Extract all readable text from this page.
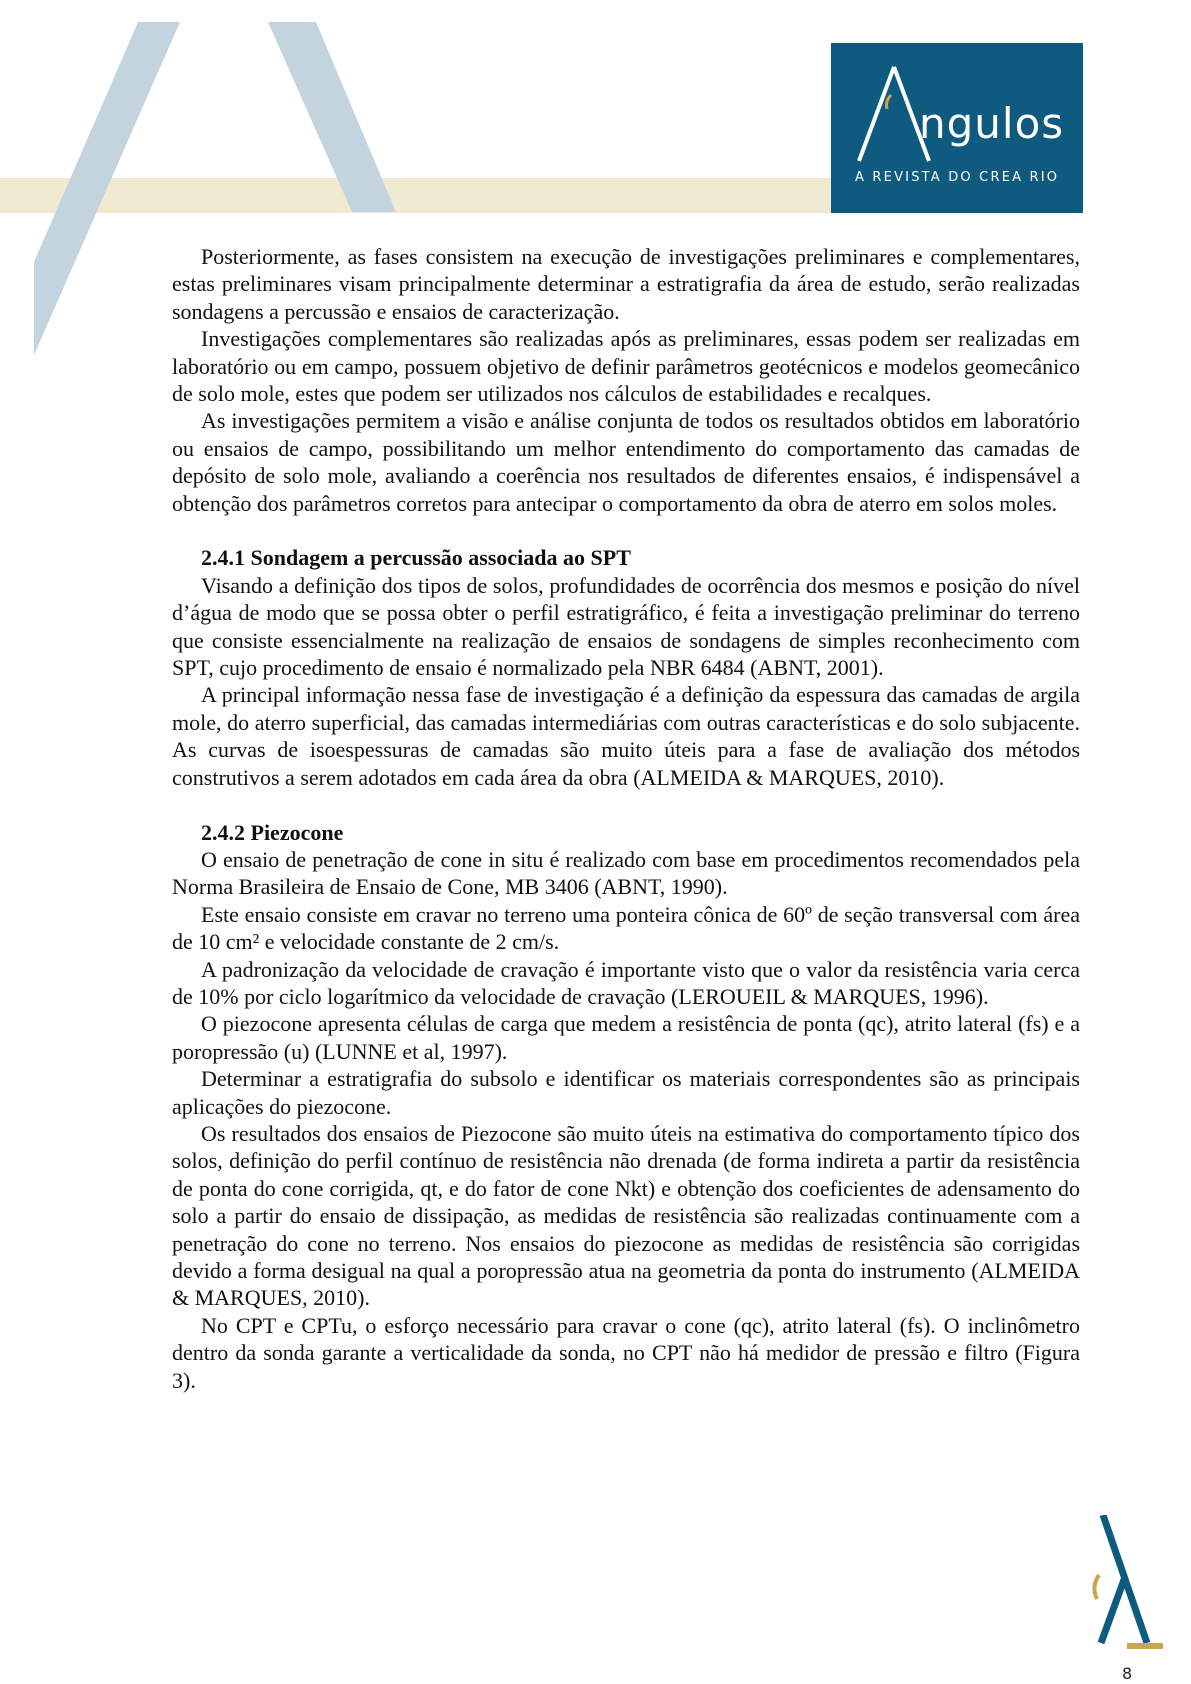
ngulos
A REVISTA DO CREA RIO

Posteriormente, as fases consistem na execução de investigações preliminares e complementares, estas preliminares visam principalmente determinar a estratigrafia da área de estudo, serão realizadas sondagens a percussão e ensaios de caracterização.

Investigações complementares são realizadas após as preliminares, essas podem ser realizadas em laboratório ou em campo, possuem objetivo de definir parâmetros geotécnicos e modelos geomecânico de solo mole, estes que podem ser utilizados nos cálculos de estabilidades e recalques.

As investigações permitem a visão e análise conjunta de todos os resultados obtidos em laboratório ou ensaios de campo, possibilitando um melhor entendimento do comportamento das camadas de depósito de solo mole, avaliando a coerência nos resultados de diferentes ensaios, é indispensável a obtenção dos parâmetros corretos para antecipar o comportamento da obra de aterro em solos moles.

2.4.1 Sondagem a percussão associada ao SPT

Visando a definição dos tipos de solos, profundidades de ocorrência dos mesmos e posição do nível d’água de modo que se possa obter o perfil estratigráfico, é feita a investigação preliminar do terreno que consiste essencialmente na realização de ensaios de sondagens de simples reconhecimento com SPT, cujo procedimento de ensaio é normalizado pela NBR 6484 (ABNT, 2001).

A principal informação nessa fase de investigação é a definição da espessura das camadas de argila mole, do aterro superficial, das camadas intermediárias com outras características e do solo subjacente. As curvas de isoespessuras de camadas são muito úteis para a fase de avaliação dos métodos construtivos a serem adotados em cada área da obra (ALMEIDA & MARQUES, 2010).

2.4.2 Piezocone

O ensaio de penetração de cone in situ é realizado com base em procedimentos recomendados pela Norma Brasileira de Ensaio de Cone, MB 3406 (ABNT, 1990).

Este ensaio consiste em cravar no terreno uma ponteira cônica de 60º de seção transversal com área de 10 cm² e velocidade constante de 2 cm/s.

A padronização da velocidade de cravação é importante visto que o valor da resistência varia cerca de 10% por ciclo logarítmico da velocidade de cravação (LEROUEIL & MARQUES, 1996).

O piezocone apresenta células de carga que medem a resistência de ponta (qc), atrito lateral (fs) e a poropressão (u) (LUNNE et al, 1997).

Determinar a estratigrafia do subsolo e identificar os materiais correspondentes são as principais aplicações do piezocone.

Os resultados dos ensaios de Piezocone são muito úteis na estimativa do comportamento típico dos solos, definição do perfil contínuo de resistência não drenada (de forma indireta a partir da resistência de ponta do cone corrigida, qt, e do fator de cone Nkt) e obtenção dos coeficientes de adensamento do solo a partir do ensaio de dissipação, as medidas de resistência são realizadas continuamente com a penetração do cone no terreno. Nos ensaios do piezocone as medidas de resistência são corrigidas devido a forma desigual na qual a poropressão atua na geometria da ponta do instrumento (ALMEIDA & MARQUES, 2010).

No CPT e CPTu, o esforço necessário para cravar o cone (qc), atrito lateral (fs). O inclinômetro dentro da sonda garante a verticalidade da sonda, no CPT não há medidor de pressão e filtro (Figura 3).

8
